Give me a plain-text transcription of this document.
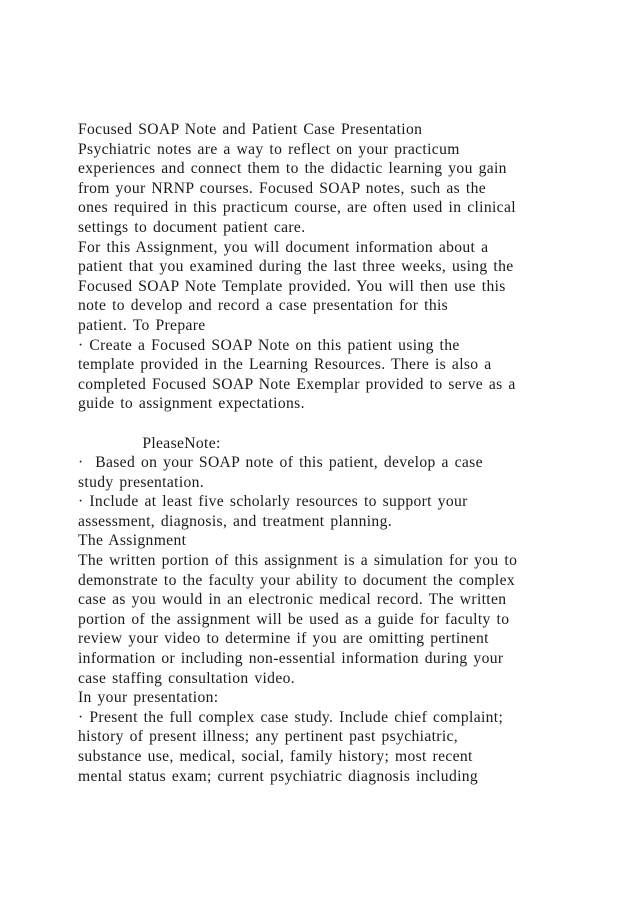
Focused SOAP Note and Patient Case Presentation
Psychiatric notes are a way to reflect on your practicum
experiences and connect them to the didactic learning you gain
from your NRNP courses. Focused SOAP notes, such as the
ones required in this practicum course, are often used in clinical
settings to document patient care.
For this Assignment, you will document information about a
patient that you examined during the last three weeks, using the
Focused SOAP Note Template provided. You will then use this
note to develop and record a case presentation for this
patient. To Prepare
· Create a Focused SOAP Note on this patient using the
template provided in the Learning Resources. There is also a
completed Focused SOAP Note Exemplar provided to serve as a
guide to assignment expectations.
PleaseNote:
·  Based on your SOAP note of this patient, develop a case
study presentation.
· Include at least five scholarly resources to support your
assessment, diagnosis, and treatment planning.
The Assignment
The written portion of this assignment is a simulation for you to
demonstrate to the faculty your ability to document the complex
case as you would in an electronic medical record. The written
portion of the assignment will be used as a guide for faculty to
review your video to determine if you are omitting pertinent
information or including non-essential information during your
case staffing consultation video.
In your presentation:
· Present the full complex case study. Include chief complaint;
history of present illness; any pertinent past psychiatric,
substance use, medical, social, family history; most recent
mental status exam; current psychiatric diagnosis including
